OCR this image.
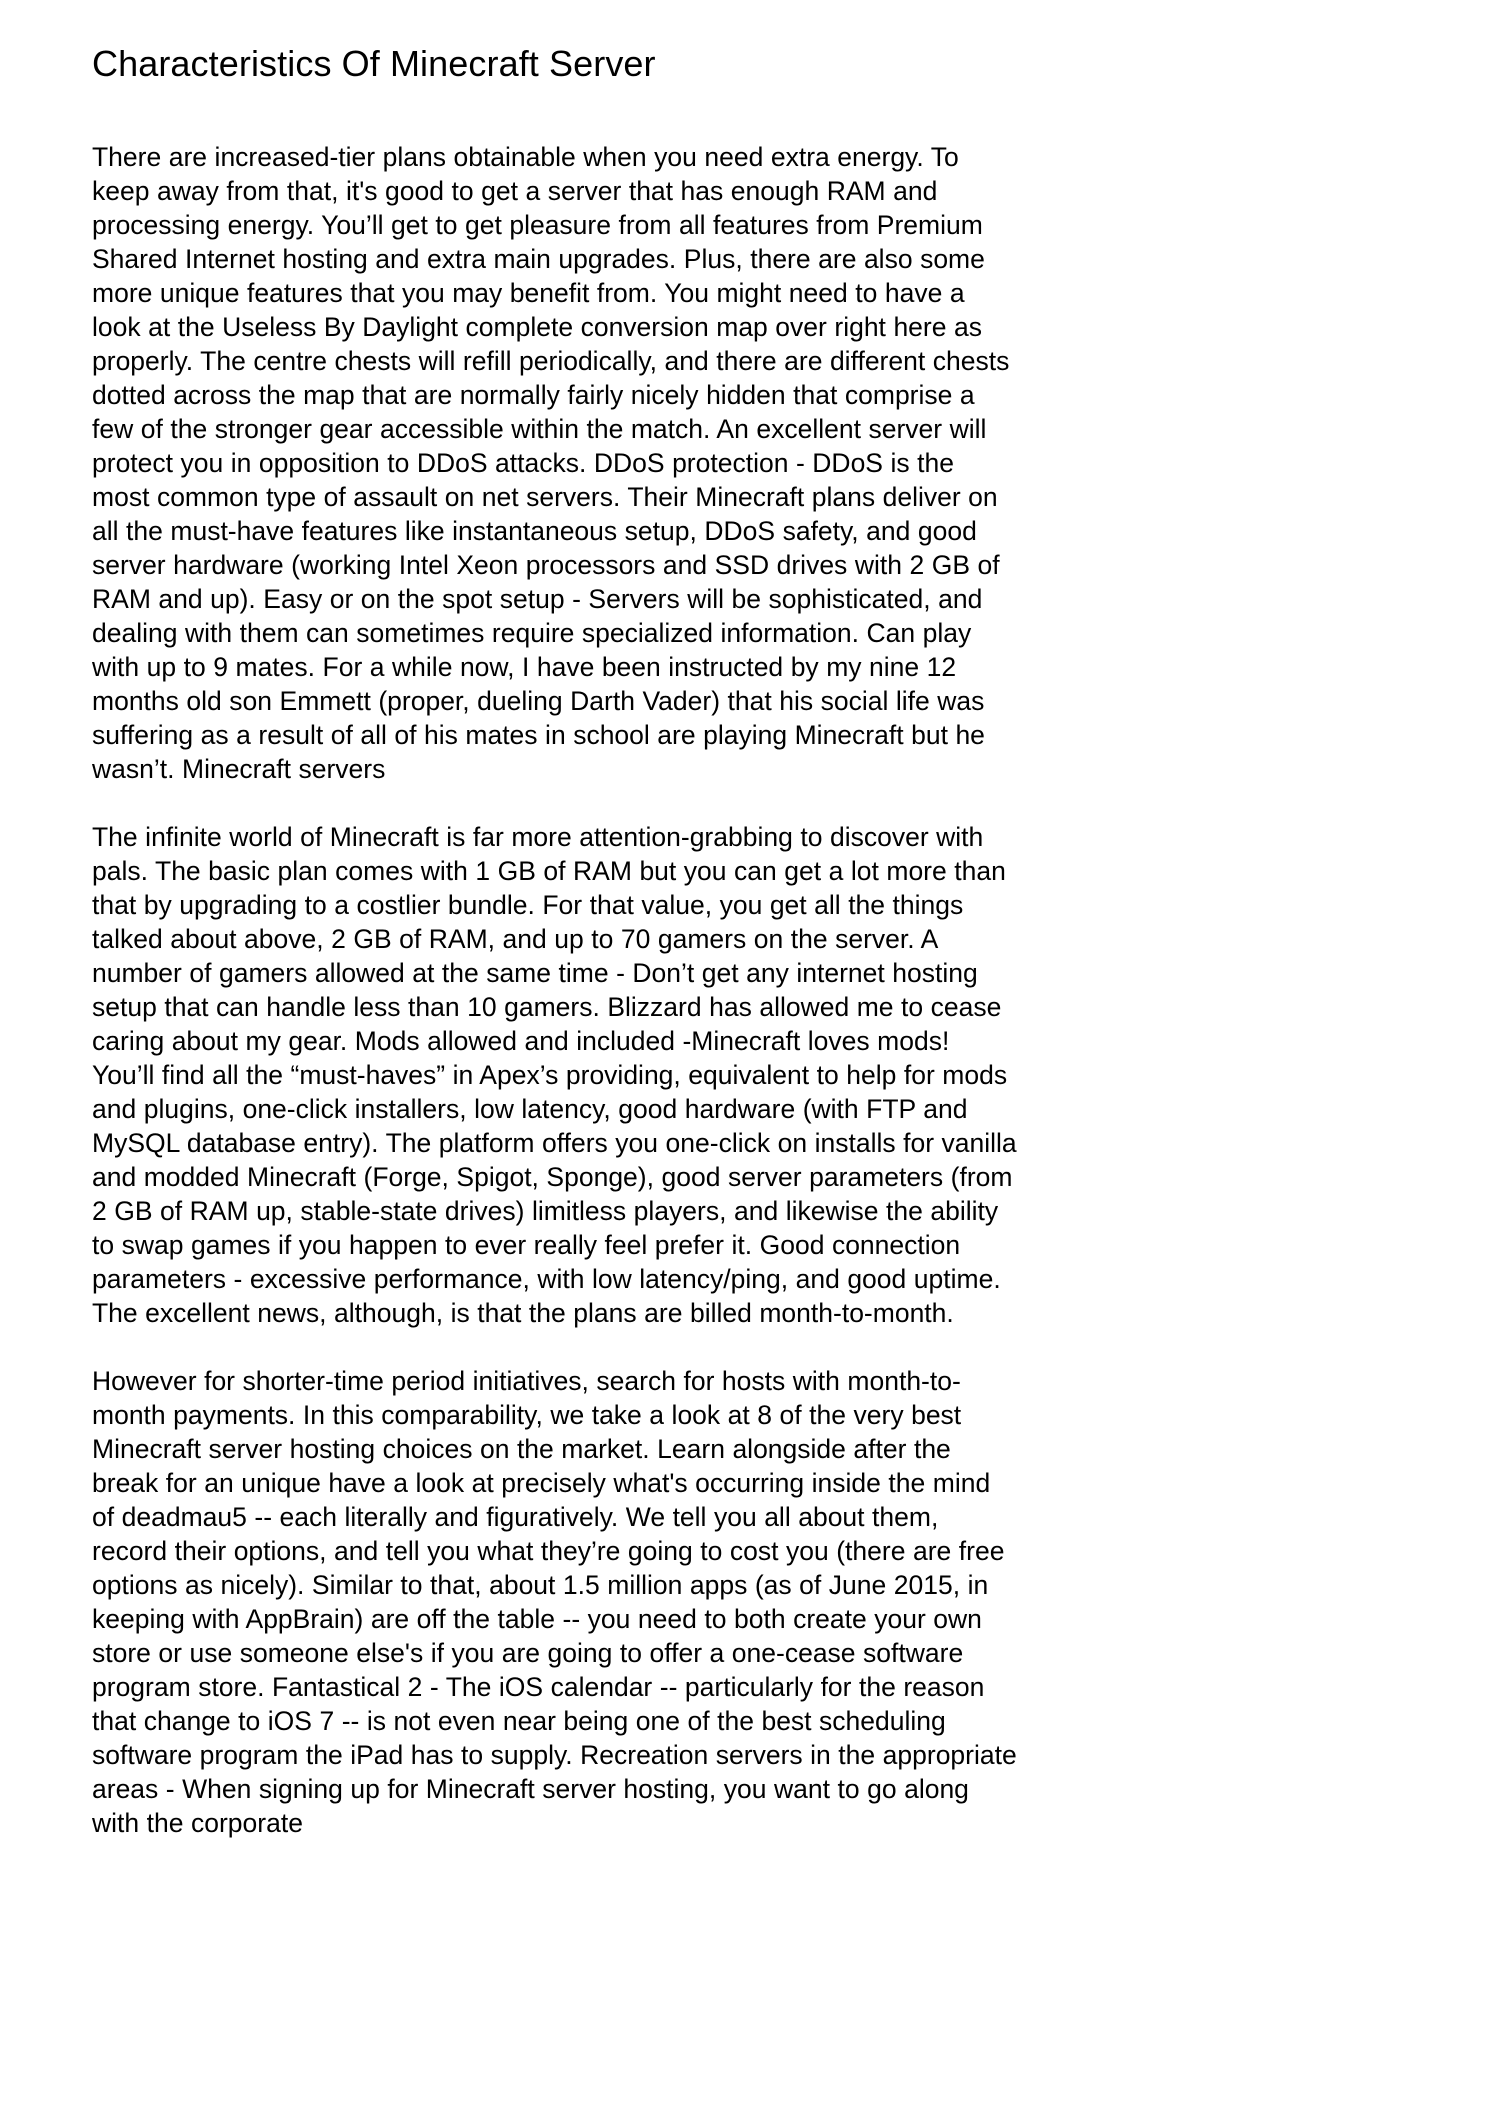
Characteristics Of Minecraft Server

There are increased-tier plans obtainable when you need extra energy. To keep away from that, it's good to get a server that has enough RAM and processing energy. You’ll get to get pleasure from all features from Premium Shared Internet hosting and extra main upgrades. Plus, there are also some more unique features that you may benefit from. You might need to have a look at the Useless By Daylight complete conversion map over right here as properly. The centre chests will refill periodically, and there are different chests dotted across the map that are normally fairly nicely hidden that comprise a few of the stronger gear accessible within the match. An excellent server will protect you in opposition to DDoS attacks. DDoS protection - DDoS is the most common type of assault on net servers. Their Minecraft plans deliver on all the must-have features like instantaneous setup, DDoS safety, and good server hardware (working Intel Xeon processors and SSD drives with 2 GB of RAM and up). Easy or on the spot setup - Servers will be sophisticated, and dealing with them can sometimes require specialized information. Can play with up to 9 mates. For a while now, I have been instructed by my nine 12 months old son Emmett (proper, dueling Darth Vader) that his social life was suffering as a result of all of his mates in school are playing Minecraft but he wasn’t. Minecraft servers

The infinite world of Minecraft is far more attention-grabbing to discover with pals. The basic plan comes with 1 GB of RAM but you can get a lot more than that by upgrading to a costlier bundle. For that value, you get all the things talked about above, 2 GB of RAM, and up to 70 gamers on the server. A number of gamers allowed at the same time - Don’t get any internet hosting setup that can handle less than 10 gamers. Blizzard has allowed me to cease caring about my gear. Mods allowed and included -Minecraft loves mods! You’ll find all the “must-haves” in Apex’s providing, equivalent to help for mods and plugins, one-click installers, low latency, good hardware (with FTP and MySQL database entry). The platform offers you one-click on installs for vanilla and modded Minecraft (Forge, Spigot, Sponge), good server parameters (from 2 GB of RAM up, stable-state drives) limitless players, and likewise the ability to swap games if you happen to ever really feel prefer it. Good connection parameters - excessive performance, with low latency/ping, and good uptime. The excellent news, although, is that the plans are billed month-to-month.

However for shorter-time period initiatives, search for hosts with month-to-month payments. In this comparability, we take a look at 8 of the very best Minecraft server hosting choices on the market. Learn alongside after the break for an unique have a look at precisely what's occurring inside the mind of deadmau5 -- each literally and figuratively. We tell you all about them, record their options, and tell you what they’re going to cost you (there are free options as nicely). Similar to that, about 1.5 million apps (as of June 2015, in keeping with AppBrain) are off the table -- you need to both create your own store or use someone else's if you are going to offer a one-cease software program store. Fantastical 2 - The iOS calendar -- particularly for the reason that change to iOS 7 -- is not even near being one of the best scheduling software program the iPad has to supply. Recreation servers in the appropriate areas - When signing up for Minecraft server hosting, you want to go along with the corporate
